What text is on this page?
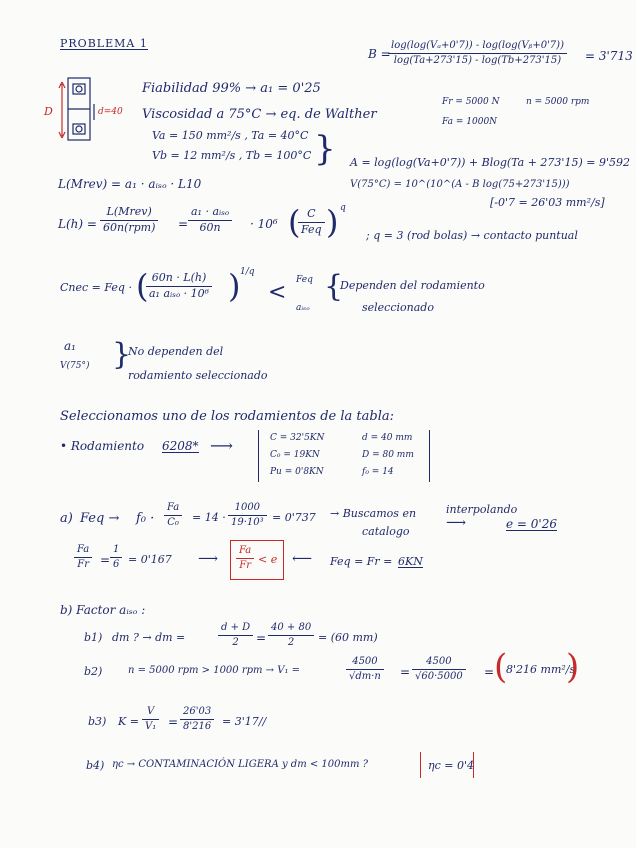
PROBLEMA 1
B =
$\frac{\text{log(log(Vₐ+0'7)) - log(log(Vᵦ+0'7))}}{\log(Ta+273'15) - \log(Tb+273'15)} = 3'713$
D	d=40
Fiabilidad 99% → a₁ = 0'25
Viscosidad a 75°C → eq. de Walther
Va = 150 mm²/s , Ta = 40°C
Vb = 12 mm²/s , Tb = 100°C }
Fr = 5000 N	n = 5000 rpm
Fa = 1000N
A = log(log(Va+0'7)) + Blog(Ta + 273'15) = 9'592
V(75°C) = 10^(10^(A - B log(75+273'15)))
[-0'7 = 26'03 mm²/s]
L(Mrev) = a₁ · aᵢₛₒ · L10
L(h) =
L(Mrev)
60n(rpm) =
a₁ · aᵢₛₒ
60n	· 10⁶ ( C
Feq ) q
; q = 3 (rod bolas) → contacto puntual
Cnec = Feq · ( 60n · L(h)
a₁ aᵢₛₒ · 10⁶ ) 1/q
< Feq
aᵢₛₒ
{
Dependen del rodamiento
seleccionado
a₁
V(75°) }
No dependen del
rodamiento seleccionado
Seleccionamos uno de los rodamientos de la tabla:
• Rodamiento 6208* ⟶	C = 32'5KN	d = 40 mm
C₀ = 19KN	D = 80 mm
Pu = 0'8KN	f₀ = 14
a) Feq → $f_0 \cdot \frac{Fa}{\text{C₀}} = 14 \cdot \frac{1000}{\text{19·10³}} = 0'737$ → Buscamos en
catalogo
interpolando
⟶	e = 0'26
$\frac{Fa}{Fr} = \frac{1}{6} = 0'167$ ⟶ $\frac{Fa}{Fr} < e$ ⟵ Feq = Fr = 6KN
b) Factor aᵢₛₒ :
b1) dm ? → dm =	$\frac{d + D}{2} = \frac{40 + 80}{2} = (60$ mm)
b2)	n = 5000 rpm > 1000 rpm → V₁ =	$\frac{4500}{√dm\cdot n} = \frac{4500}{√60\cdot 5000}$ = (
8'216 mm²/s
)
b3) $K = \frac{V}{\text{V₁}} = \frac{26'03}{8'216} = 3'17//$
b4) ηc → CONTAMINACIÓN LIGERA y dm < 100mm ?	ηc = 0'4
